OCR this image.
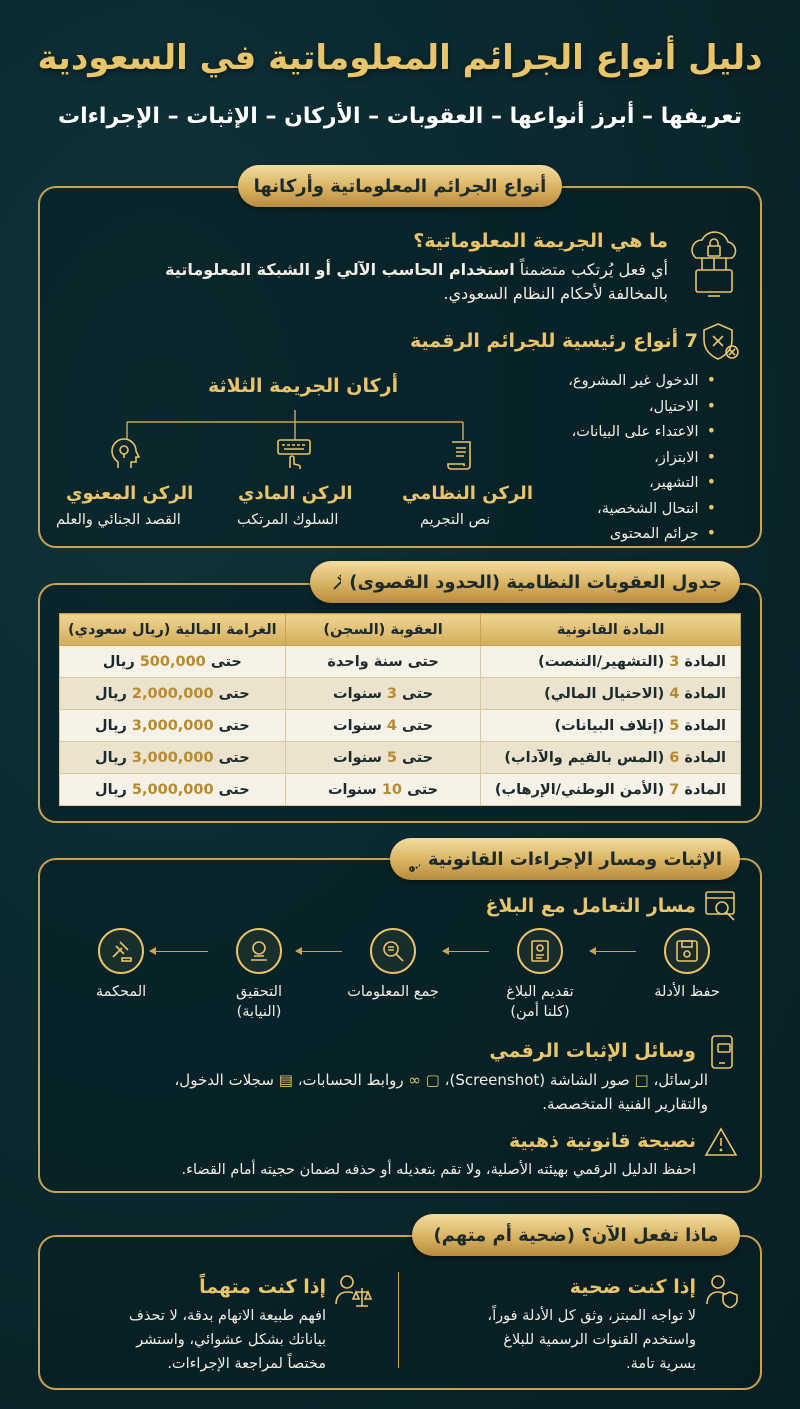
دليل أنواع الجرائم المعلوماتية في السعودية
تعريفها – أبرز أنواعها – العقوبات – الأركان – الإثبات – الإجراءات
أنواع الجرائم المعلوماتية وأركانها
ما هي الجريمة المعلوماتية؟
أي فعل يُرتكب متضمناً استخدام الحاسب الآلي أو الشبكة المعلوماتية
بالمخالفة لأحكام النظام السعودي.
7 أنواع رئيسية للجرائم الرقمية
• الدخول غير المشروع،
• الاحتيال،
• الاعتداء على البيانات،
• الابتزاز،
• التشهير،
• انتحال الشخصية،
• جرائم المحتوى
أركان الجريمة الثلاثة
الركن المعنوي
القصد الجنائي والعلم
الركن المادي
السلوك المرتكب
الركن النظامي
نص التجريم
جدول العقوبات النظامية (الحدود القصوى)
المادة القانونية	العقوبة (السجن)	الغرامة المالية (ريال سعودي)
المادة 3 (التشهير/التنصت)	حتى سنة واحدة	حتى 500,000 ريال
المادة 4 (الاحتيال المالي)	حتى 3 سنوات	حتى 2,000,000 ريال
المادة 5 (إتلاف البيانات)	حتى 4 سنوات	حتى 3,000,000 ريال
المادة 6 (المس بالقيم والآداب)	حتى 5 سنوات	حتى 3,000,000 ريال
المادة 7 (الأمن الوطني/الإرهاب)	حتى 10 سنوات	حتى 5,000,000 ريال
الإثبات ومسار الإجراءات القانونية
مسار التعامل مع البلاغ
حفظ الأدلة
تقديم البلاغ
(كلنا أمن)
جمع المعلومات
التحقيق
(النيابة)
المحكمة
وسائل الإثبات الرقمي
الرسائل، □ صور الشاشة (Screenshot)، ▢ ∞ روابط الحسابات، ▤ سجلات الدخول،
والتقارير الفنية المتخصصة.
نصيحة قانونية ذهبية
احفظ الدليل الرقمي بهيئته الأصلية، ولا تقم بتعديله أو حذفه لضمان حجيته أمام القضاء.
ماذا تفعل الآن؟ (ضحية أم متهم)
إذا كنت ضحية
لا تواجه المبتز، وثق كل الأدلة فوراً،
واستخدم القنوات الرسمية للبلاغ
بسرية تامة.
إذا كنت متهماً
افهم طبيعة الاتهام بدقة، لا تحذف
بياناتك بشكل عشوائي، واستشر
مختصاً لمراجعة الإجراءات.
